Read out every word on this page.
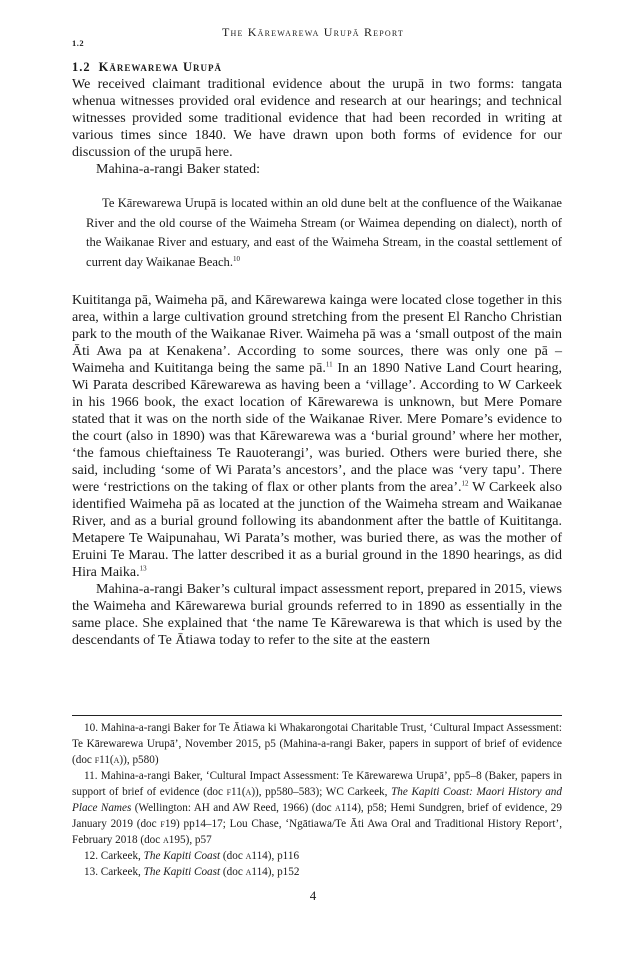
The Kārewarewa Urupā Report
1.2
1.2 Kārewarewa Urupā

We received claimant traditional evidence about the urupā in two forms: tangata whenua witnesses provided oral evidence and research at our hearings; and technical witnesses provided some traditional evidence that had been recorded in writing at various times since 1840. We have drawn upon both forms of evidence for our discussion of the urupā here.

Mahina-a-rangi Baker stated:

Te Kārewarewa Urupā is located within an old dune belt at the confluence of the Waikanae River and the old course of the Waimeha Stream (or Waimea depending on dialect), north of the Waikanae River and estuary, and east of the Waimeha Stream, in the coastal settlement of current day Waikanae Beach.$^{10}$

Kuititanga pā, Waimeha pā, and Kārewarewa kainga were located close together in this area, within a large cultivation ground stretching from the present El Rancho Christian park to the mouth of the Waikanae River. Waimeha pā was a ‘small outpost of the main Āti Awa pa at Kenakena’. According to some sources, there was only one pā – Waimeha and Kuititanga being the same pā.$^{11}$ In an 1890 Native Land Court hearing, Wi Parata described Kārewarewa as having been a ‘village’. According to W Carkeek in his 1966 book, the exact location of Kārewarewa is unknown, but Mere Pomare stated that it was on the north side of the Waikanae River. Mere Pomare’s evidence to the court (also in 1890) was that Kārewarewa was a ‘burial ground’ where her mother, ‘the famous chieftainess Te Rauoterangi’, was buried. Others were buried there, she said, including ‘some of Wi Parata’s ancestors’, and the place was ‘very tapu’. There were ‘restrictions on the taking of flax or other plants from the area’.$^{12}$ W Carkeek also identified Waimeha pā as located at the junction of the Waimeha stream and Waikanae River, and as a burial ground following its abandonment after the battle of Kuititanga. Metapere Te Waipunahau, Wi Parata’s mother, was buried there, as was the mother of Eruini Te Marau. The latter described it as a burial ground in the 1890 hearings, as did Hira Maika.$^{13}$

Mahina-a-rangi Baker’s cultural impact assessment report, prepared in 2015, views the Waimeha and Kārewarewa burial grounds referred to in 1890 as essentially in the same place. She explained that ‘the name Te Kārewarewa is that which is used by the descendants of Te Ātiawa today to refer to the site at the eastern

10. Mahina-a-rangi Baker for Te Ātiawa ki Whakarongotai Charitable Trust, ‘Cultural Impact Assessment: Te Kārewarewa Urupā’, November 2015, p5 (Mahina-a-rangi Baker, papers in support of brief of evidence (doc f11(a)), p580)

11. Mahina-a-rangi Baker, ‘Cultural Impact Assessment: Te Kārewarewa Urupā’, pp5–8 (Baker, papers in support of brief of evidence (doc f11(a)), pp580–583); WC Carkeek, The Kapiti Coast: Maori History and Place Names (Wellington: AH and AW Reed, 1966) (doc a114), p58; Hemi Sundgren, brief of evidence, 29 January 2019 (doc f19) pp14–17; Lou Chase, ‘Ngātiawa/Te Āti Awa Oral and Traditional History Report’, February 2018 (doc a195), p57

12. Carkeek, The Kapiti Coast (doc a114), p116

13. Carkeek, The Kapiti Coast (doc a114), p152

4
